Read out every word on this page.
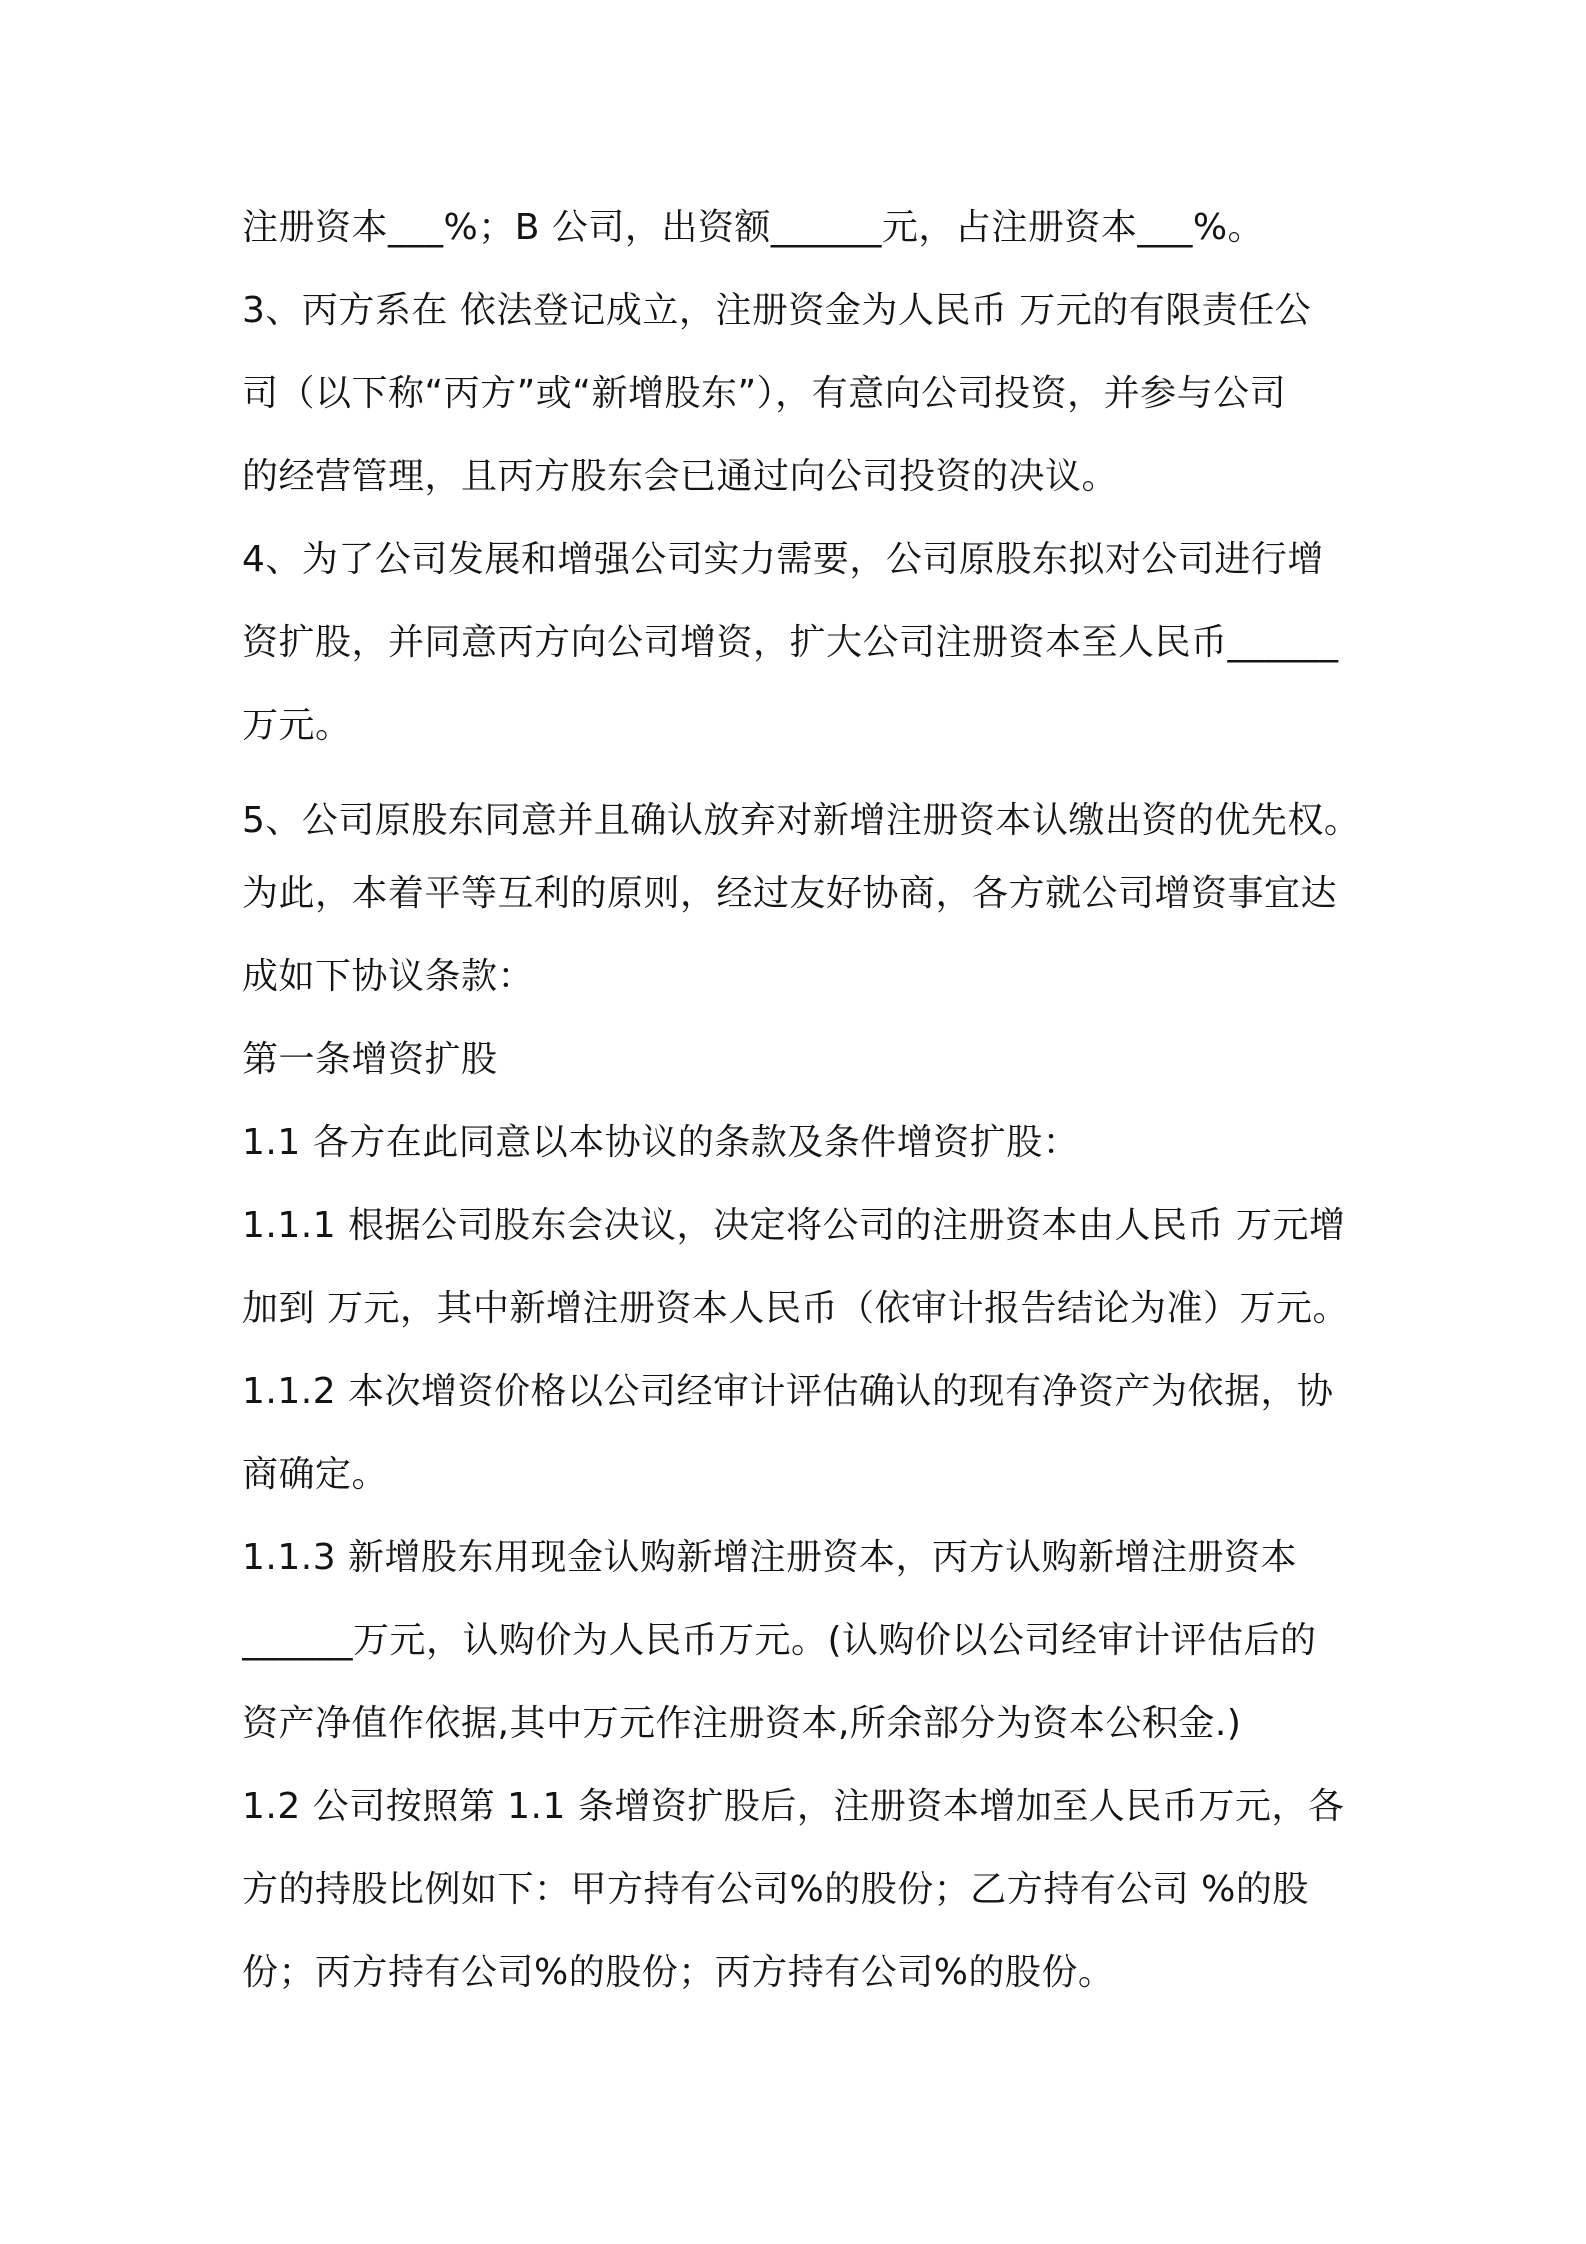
注册资本___%；B 公司，出资额______元，占注册资本___%。
3、丙方系在 依法登记成立，注册资金为人民币 万元的有限责任公
司（以下称“丙方”或“新增股东”），有意向公司投资，并参与公司
的经营管理，且丙方股东会已通过向公司投资的决议。
4、为了公司发展和增强公司实力需要，公司原股东拟对公司进行增
资扩股，并同意丙方向公司增资，扩大公司注册资本至人民币______
万元。
5、公司原股东同意并且确认放弃对新增注册资本认缴出资的优先权。
为此，本着平等互利的原则，经过友好协商，各方就公司增资事宜达
成如下协议条款：
第一条增资扩股
1.1 各方在此同意以本协议的条款及条件增资扩股：
1.1.1 根据公司股东会决议，决定将公司的注册资本由人民币 万元增
加到 万元，其中新增注册资本人民币（依审计报告结论为准）万元。
1.1.2 本次增资价格以公司经审计评估确认的现有净资产为依据，协
商确定。
1.1.3 新增股东用现金认购新增注册资本，丙方认购新增注册资本
______万元，认购价为人民币万元。(认购价以公司经审计评估后的
资产净值作依据,其中万元作注册资本,所余部分为资本公积金.)
1.2 公司按照第 1.1 条增资扩股后，注册资本增加至人民币万元，各
方的持股比例如下：甲方持有公司%的股份；乙方持有公司 %的股
份；丙方持有公司%的股份；丙方持有公司%的股份。
